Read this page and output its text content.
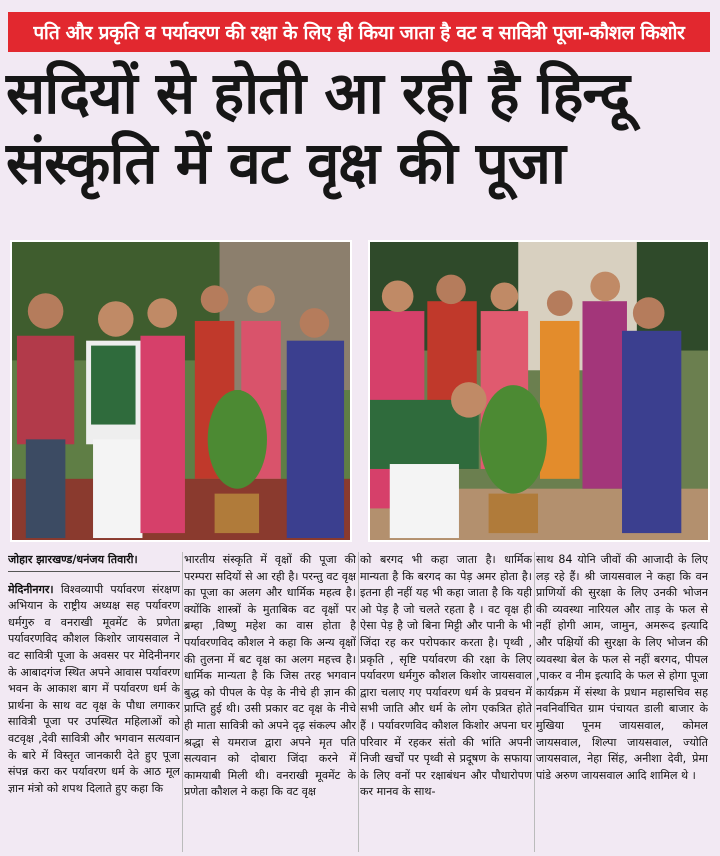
पति और प्रकृति व पर्यावरण की रक्षा के लिए ही किया जाता है वट व सावित्री पूजा-कौशल किशोर
सदियों से होती आ रही है हिन्दू
संस्कृति में वट वृक्ष की पूजा

जोहार झारखण्ड/धनंजय तिवारी।

मेदिनीनगर। विश्वव्यापी पर्यावरण संरक्षण अभियान के राष्ट्रीय अध्यक्ष सह पर्यावरण धर्मगुरु व वनराखी मूवमेंट के प्रणेता पर्यावरणविद कौशल किशोर जायसवाल ने वट सावित्री पूजा के अवसर पर मेदिनीनगर के आबादगंज स्थित अपने आवास पर्यावरण भवन के आकाश बाग में पर्यावरण धर्म के प्रार्थना के साथ वट वृक्ष के पौधा लगाकर सावित्री पूजा पर उपस्थित महिलाओं को वटवृक्ष ,देवी सावित्री और भगवान सत्यवान के बारे में विस्तृत जानकारी देते हुए पूजा संपन्न करा कर पर्यावरण धर्म के आठ मूल ज्ञान मंत्रो को शपथ दिलाते हुए कहा कि

भारतीय संस्कृति में वृक्षों की पूजा की परम्परा सदियों से आ रही है। परन्तु वट वृक्ष का पूजा का अलग और धार्मिक महत्व है। क्योंकि शास्त्रों के मुताबिक वट वृक्षों पर ब्रम्हा ,विष्णु महेश का वास होता है पर्यावरणविद कौशल ने कहा कि अन्य वृक्षों की तुलना में बट वृक्ष का अलग महत्त्व है। धार्मिक मान्यता है कि जिस तरह भगवान बुद्ध को पीपल के पेड़ के नीचे ही ज्ञान की प्राप्ति हुई थी। उसी प्रकार वट वृक्ष के नीचे ही माता सावित्री को अपने दृढ़ संकल्प और श्रद्धा से यमराज द्वारा अपने मृत पति सत्यवान को दोबारा जिंदा करने में कामयाबी मिली थी। वनराखी मूवमेंट के प्रणेता कौशल ने कहा कि वट वृक्ष

को बरगद भी कहा जाता है। धार्मिक मान्यता है कि बरगद का पेड़ अमर होता है। इतना ही नहीं यह भी कहा जाता है कि यही ओ पेड़ है जो चलते रहता है । वट वृक्ष ही ऐसा पेड़ है जो बिना मिट्टी और पानी के भी जिंदा रह कर परोपकार करता है। पृथ्वी , प्रकृति , सृष्टि पर्यावरण की रक्षा के लिए पर्यावरण धर्मगुरु कौशल किशोर जायसवाल द्वारा चलाए गए पर्यावरण धर्म के प्रवचन में सभी जाति और धर्म के लोग एकत्रित होते हैं । पर्यावरणविद कौशल किशोर अपना घर परिवार में रहकर संतो की भांति अपनी निजी खर्चों पर पृथ्वी से प्रदूषण के सफाया के लिए वनों पर रक्षाबंधन और पौधारोपण कर मानव के साथ-

साथ 84 योनि जीवों की आजादी के लिए लड़ रहे हैं। श्री जायसवाल ने कहा कि वन प्राणियों की सुरक्षा के लिए उनकी भोजन की व्यवस्था नारियल और ताड़ के फल से नहीं होगी आम, जामुन, अमरूद इत्यादि और पक्षियों की सुरक्षा के लिए भोजन की व्यवस्था बेल के फल से नहीं बरगद, पीपल ,पाकर व नीम इत्यादि के फल से होगा पूजा कार्यक्रम में संस्था के प्रधान महासचिव सह नवनिर्वाचित ग्राम पंचायत डाली बाजार के मुखिया पूनम जायसवाल, कोमल जायसवाल, शिल्पा जायसवाल, ज्योति जायसवाल, नेहा सिंह, अनीशा देवी, प्रेमा पांडे अरुण जायसवाल आदि शामिल थे ।
